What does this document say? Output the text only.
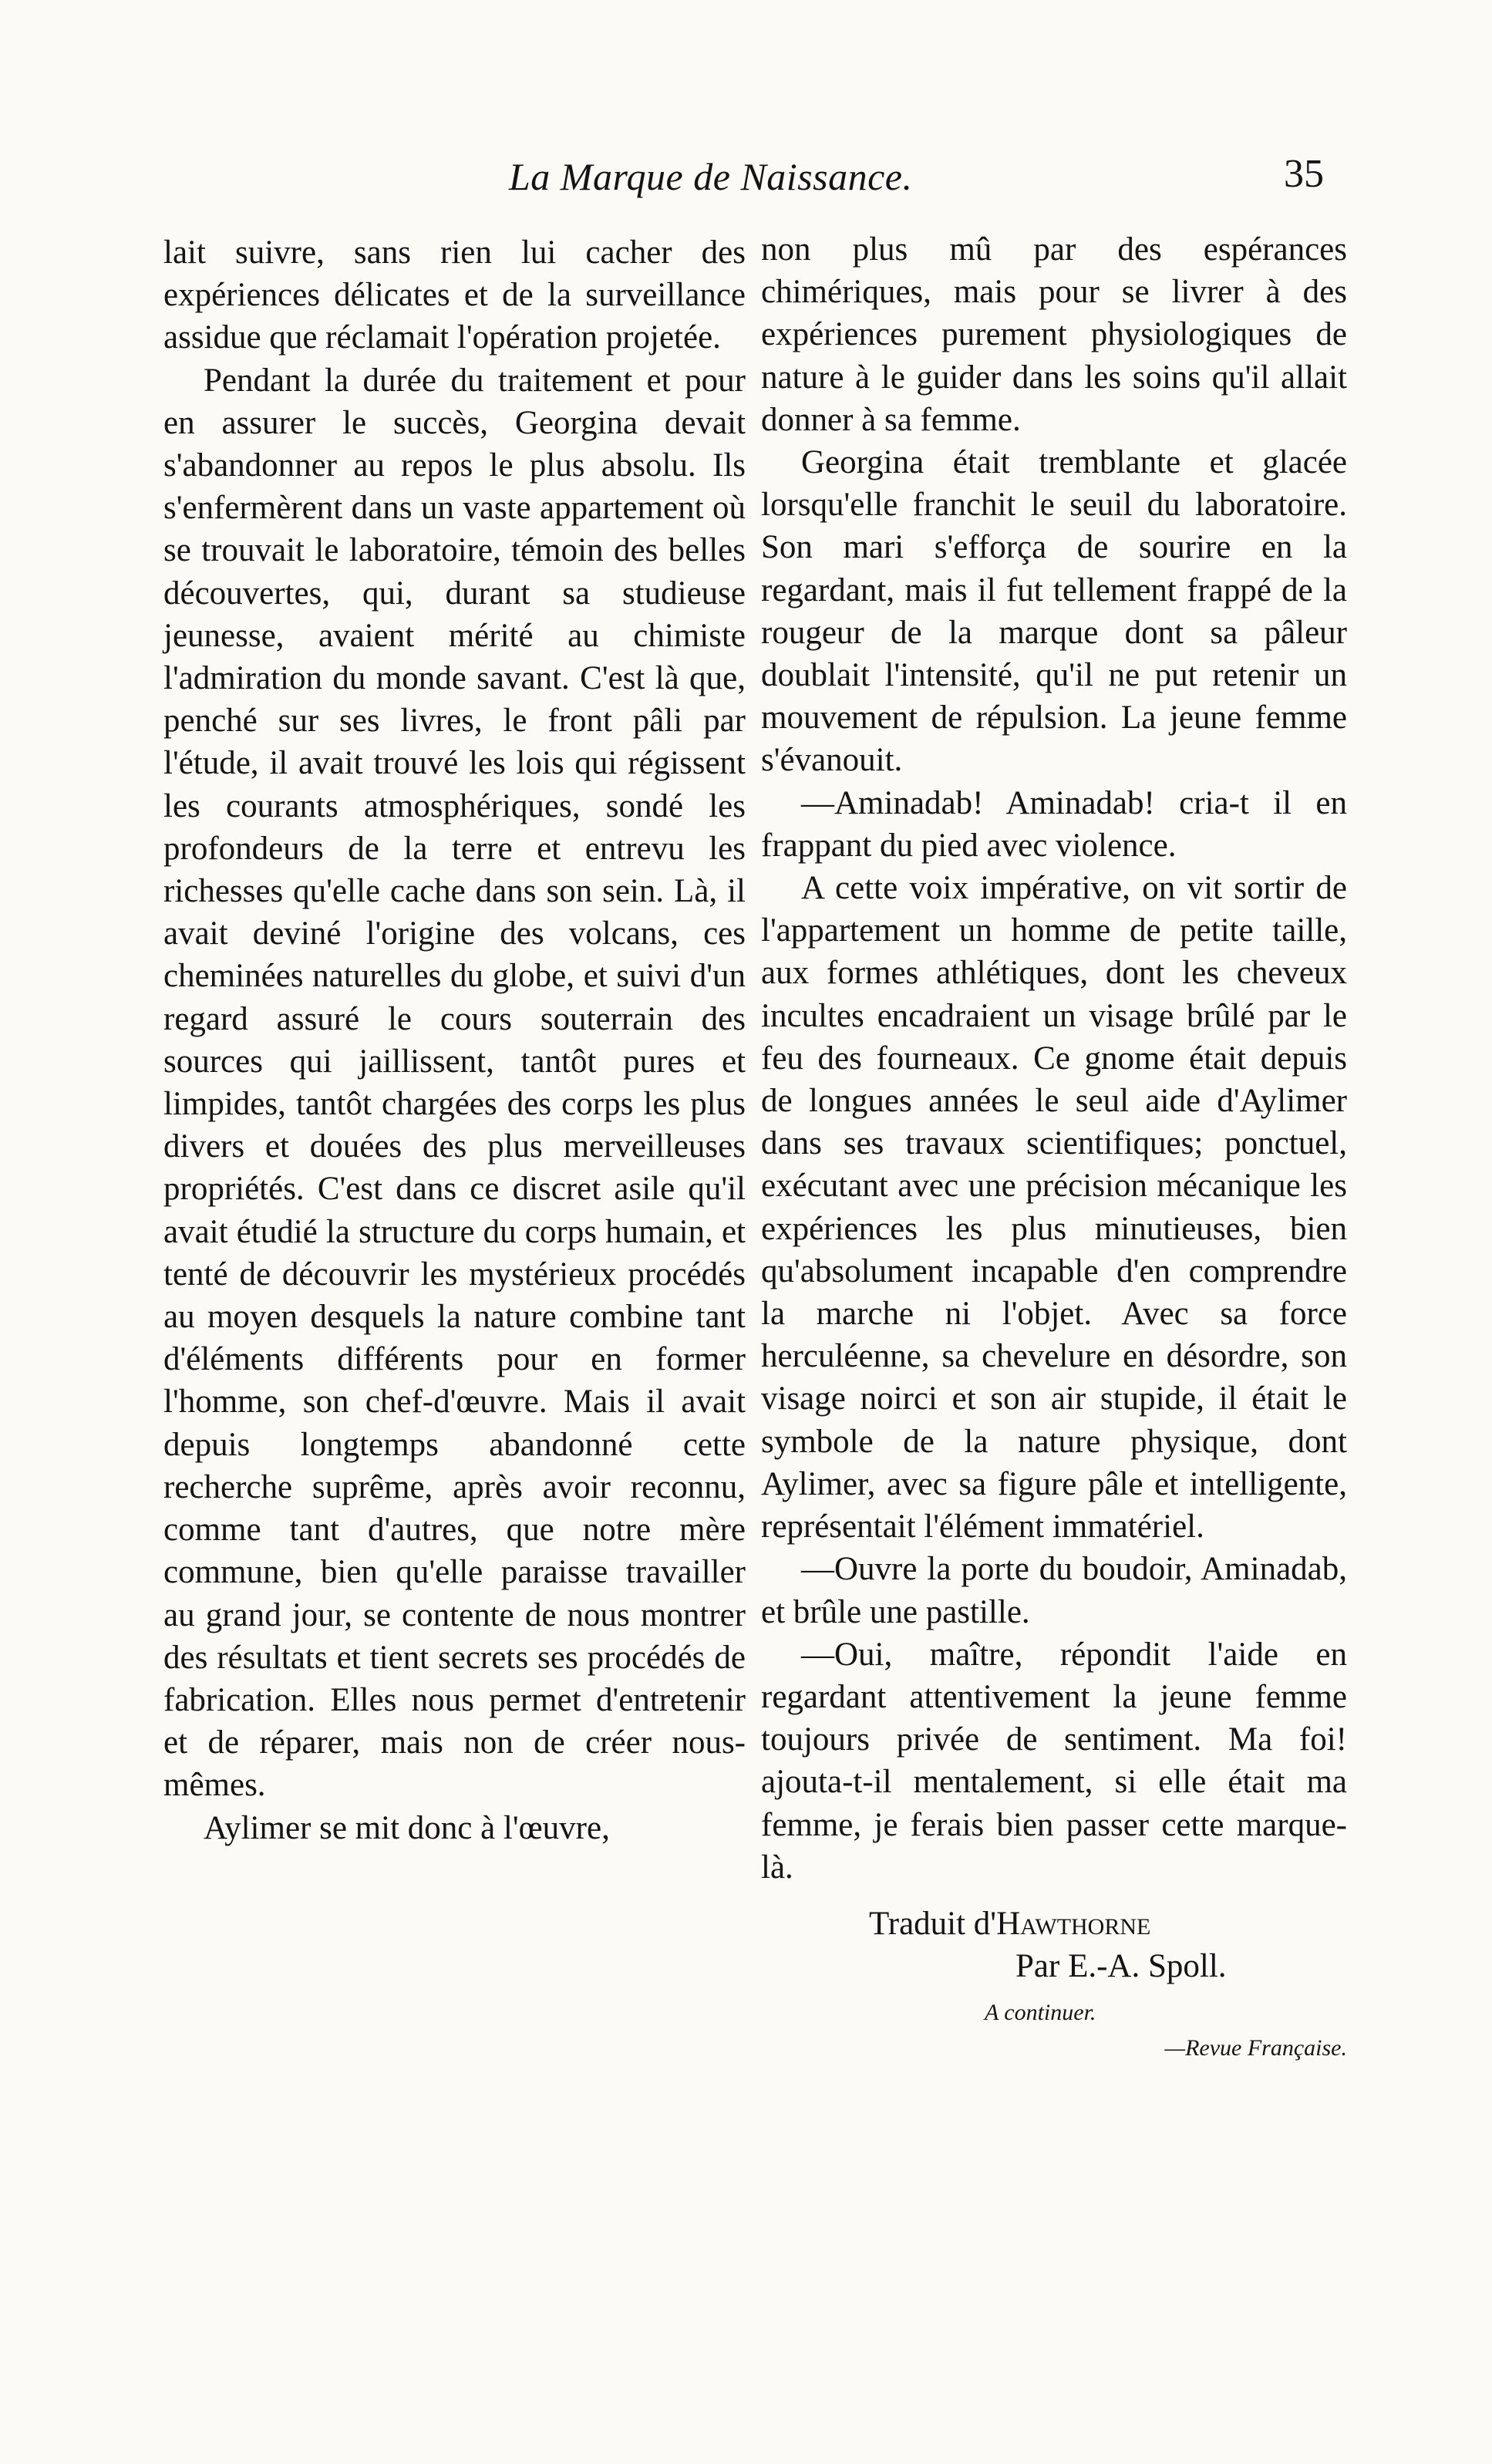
La Marque de Naissance.	35

lait suivre, sans rien lui cacher des expériences délicates et de la surveillance assidue que réclamait l'opération projetée.

Pendant la durée du traitement et pour en assurer le succès, Georgina devait s'abandonner au repos le plus absolu. Ils s'enfermèrent dans un vaste appartement où se trouvait le laboratoire, témoin des belles découvertes, qui, durant sa studieuse jeunesse, avaient mérité au chimiste l'admiration du monde savant. C'est là que, penché sur ses livres, le front pâli par l'étude, il avait trouvé les lois qui régissent les courants atmosphériques, sondé les profondeurs de la terre et entrevu les richesses qu'elle cache dans son sein. Là, il avait deviné l'origine des volcans, ces cheminées naturelles du globe, et suivi d'un regard assuré le cours souterrain des sources qui jaillissent, tantôt pures et limpides, tantôt chargées des corps les plus divers et douées des plus merveilleuses propriétés. C'est dans ce discret asile qu'il avait étudié la structure du corps humain, et tenté de découvrir les mystérieux procédés au moyen desquels la nature combine tant d'éléments différents pour en former l'homme, son chef-d'œuvre. Mais il avait depuis longtemps abandonné cette recherche suprême, après avoir reconnu, comme tant d'autres, que notre mère commune, bien qu'elle paraisse travailler au grand jour, se contente de nous montrer des résultats et tient secrets ses procédés de fabrication. Elles nous permet d'entretenir et de réparer, mais non de créer nous-mêmes.

Aylimer se mit donc à l'œuvre,

non plus mû par des espérances chimériques, mais pour se livrer à des expériences purement physiologiques de nature à le guider dans les soins qu'il allait donner à sa femme.

Georgina était tremblante et glacée lorsqu'elle franchit le seuil du laboratoire. Son mari s'efforça de sourire en la regardant, mais il fut tellement frappé de la rougeur de la marque dont sa pâleur doublait l'intensité, qu'il ne put retenir un mouvement de répulsion. La jeune femme s'évanouit.

—Aminadab! Aminadab! cria-t il en frappant du pied avec violence.

A cette voix impérative, on vit sortir de l'appartement un homme de petite taille, aux formes athlétiques, dont les cheveux incultes encadraient un visage brûlé par le feu des fourneaux. Ce gnome était depuis de longues années le seul aide d'Aylimer dans ses travaux scientifiques; ponctuel, exécutant avec une précision mécanique les expériences les plus minutieuses, bien qu'absolument incapable d'en comprendre la marche ni l'objet. Avec sa force herculéenne, sa chevelure en désordre, son visage noirci et son air stupide, il était le symbole de la nature physique, dont Aylimer, avec sa figure pâle et intelligente, représentait l'élément immatériel.

—Ouvre la porte du boudoir, Aminadab, et brûle une pastille.

—Oui, maître, répondit l'aide en regardant attentivement la jeune femme toujours privée de sentiment. Ma foi! ajouta-t-il mentalement, si elle était ma femme, je ferais bien passer cette marque-là.

Traduit d'Hawthorne
Par E.-A. Spoll.
A continuer.
—Revue Française.
